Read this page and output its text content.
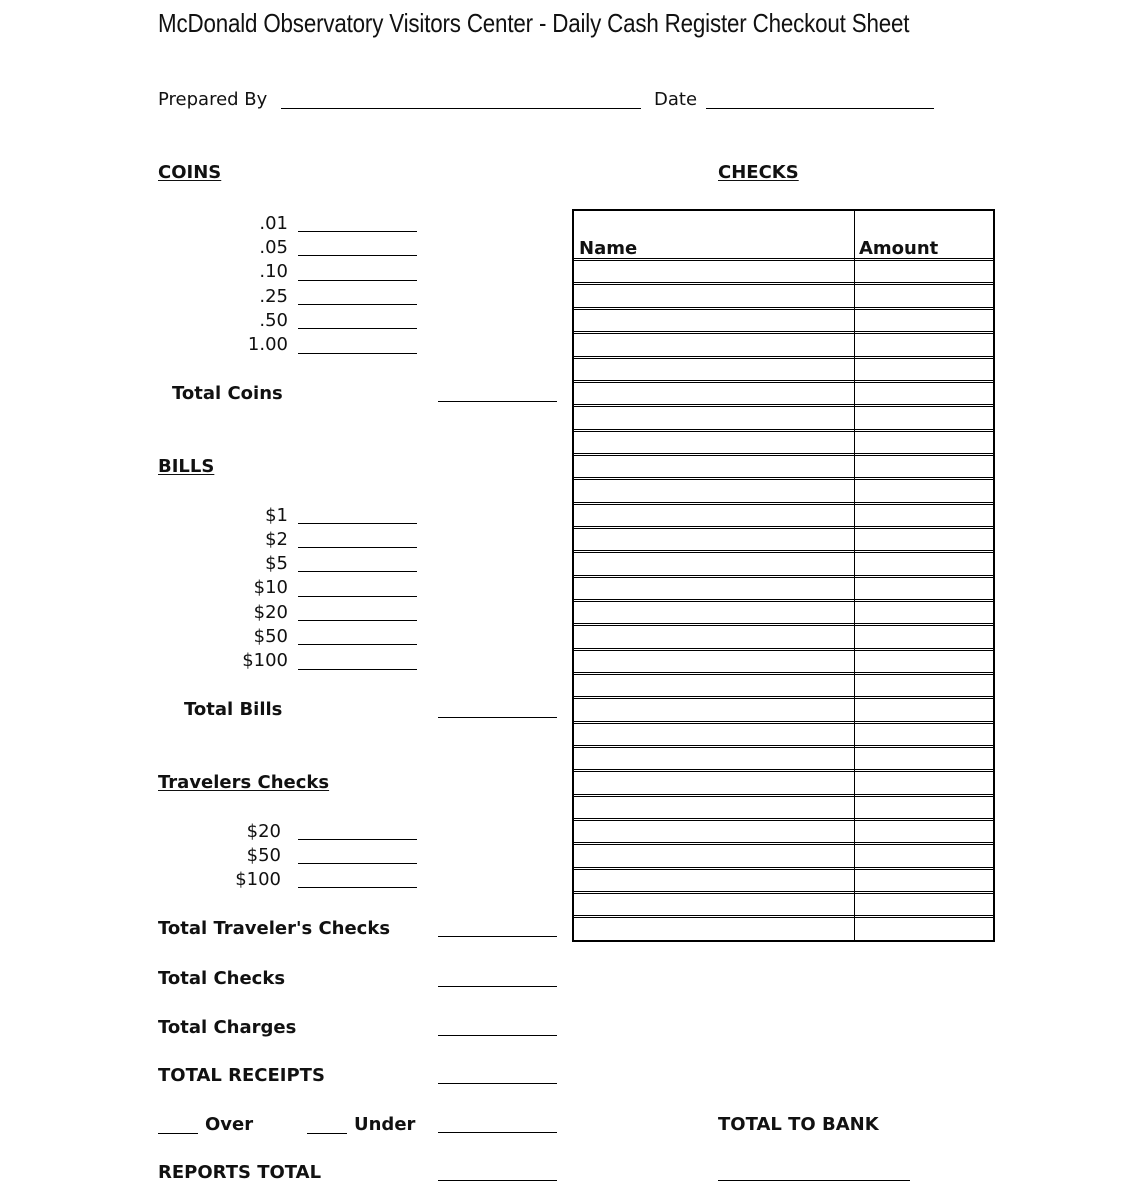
McDonald Observatory Visitors Center - Daily Cash Register Checkout Sheet
Prepared By	Date
COINS
.01
.05
.10
.25
.50
1.00
Total Coins
BILLS
$1
$2
$5
$10
$20
$50
$100
Total Bills
Travelers Checks
$20
$50
$100
Total Traveler's Checks
Total Checks
Total Charges
TOTAL RECEIPTS
Over	Under	TOTAL TO BANK
REPORTS TOTAL
CHECKS
Name	Amount
